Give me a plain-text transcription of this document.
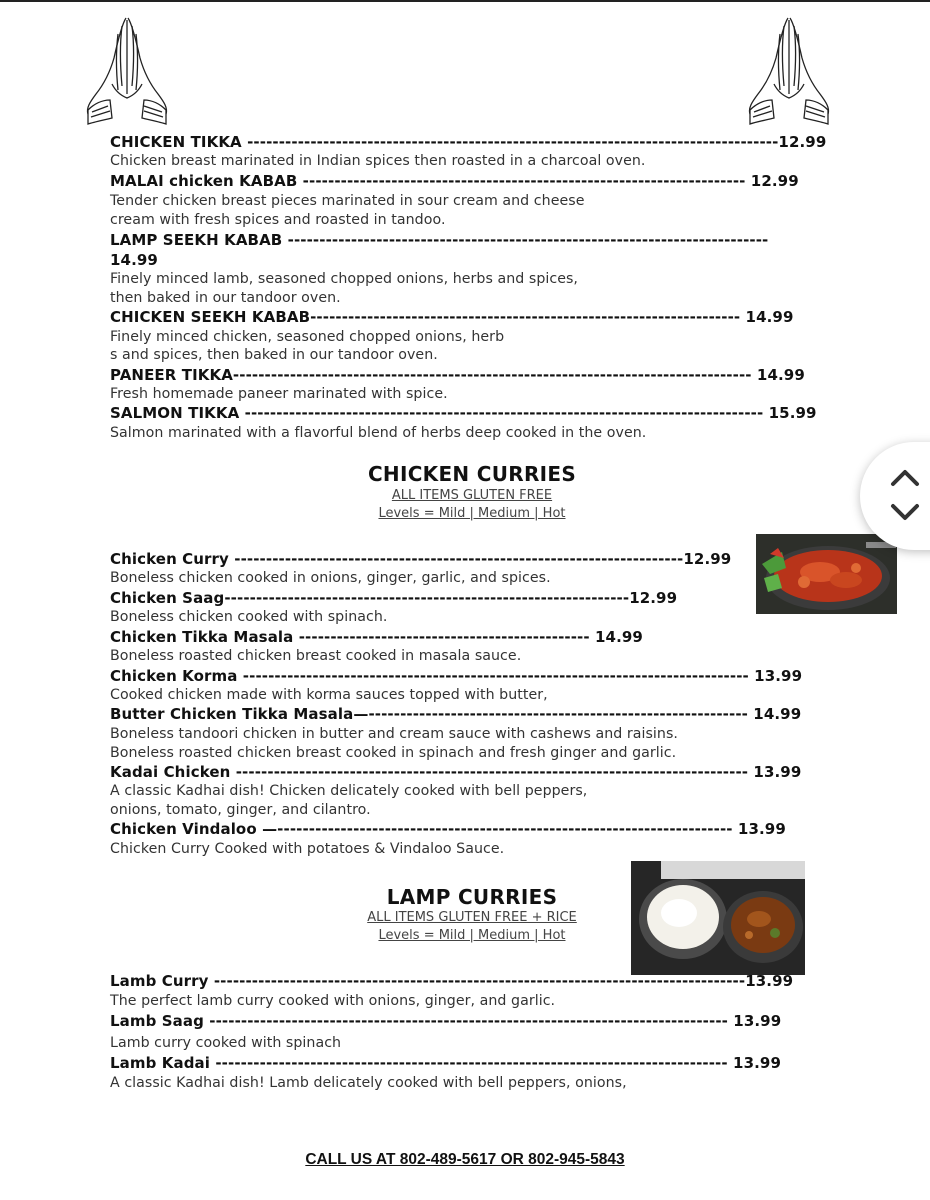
CHICKEN TIKKA ------------------------------------------------------------------------------------12.99
Chicken breast marinated in Indian spices then roasted in a charcoal oven.
MALAI chicken KABAB ---------------------------------------------------------------------- 12.99
Tender chicken breast pieces marinated in sour cream and cheese
cream with fresh spices and roasted in tandoo.
LAMP SEEKH KABAB ----------------------------------------------------------------------------
14.99
Finely minced lamb, seasoned chopped onions, herbs and spices,
then baked in our tandoor oven.
CHICKEN SEEKH KABAB-------------------------------------------------------------------- 14.99
Finely minced chicken, seasoned chopped onions, herb
s and spices, then baked in our tandoor oven.
PANEER TIKKA---------------------------------------------------------------------------------- 14.99
Fresh homemade paneer marinated with spice.
SALMON TIKKA ---------------------------------------------------------------------------------- 15.99
Salmon marinated with a flavorful blend of herbs deep cooked in the oven.
CHICKEN CURRIES
ALL ITEMS GLUTEN FREE
Levels = Mild | Medium | Hot
Chicken Curry -----------------------------------------------------------------------12.99
Boneless chicken cooked in onions, ginger, garlic, and spices.
Chicken Saag----------------------------------------------------------------12.99
Boneless chicken cooked with spinach.
Chicken Tikka Masala ---------------------------------------------- 14.99
Boneless roasted chicken breast cooked in masala sauce.
Chicken Korma -------------------------------------------------------------------------------- 13.99
Cooked chicken made with korma sauces topped with butter,
Butter Chicken Tikka Masala—------------------------------------------------------------ 14.99
Boneless tandoori chicken in butter and cream sauce with cashews and raisins.
Boneless roasted chicken breast cooked in spinach and fresh ginger and garlic.
Kadai Chicken --------------------------------------------------------------------------------- 13.99
A classic Kadhai dish! Chicken delicately cooked with bell peppers,
onions, tomato, ginger, and cilantro.
Chicken Vindaloo —------------------------------------------------------------------------ 13.99
Chicken Curry Cooked with potatoes & Vindaloo Sauce.
LAMP CURRIES
ALL ITEMS GLUTEN FREE + RICE
Levels = Mild | Medium | Hot
Lamb Curry ------------------------------------------------------------------------------------13.99
The perfect lamb curry cooked with onions, ginger, and garlic.
Lamb Saag ---------------------------------------------------------------------------------- 13.99
Lamb curry cooked with spinach
Lamb Kadai --------------------------------------------------------------------------------- 13.99
A classic Kadhai dish! Lamb delicately cooked with bell peppers, onions,
CALL US AT 802-489-5617 OR 802-945-5843
